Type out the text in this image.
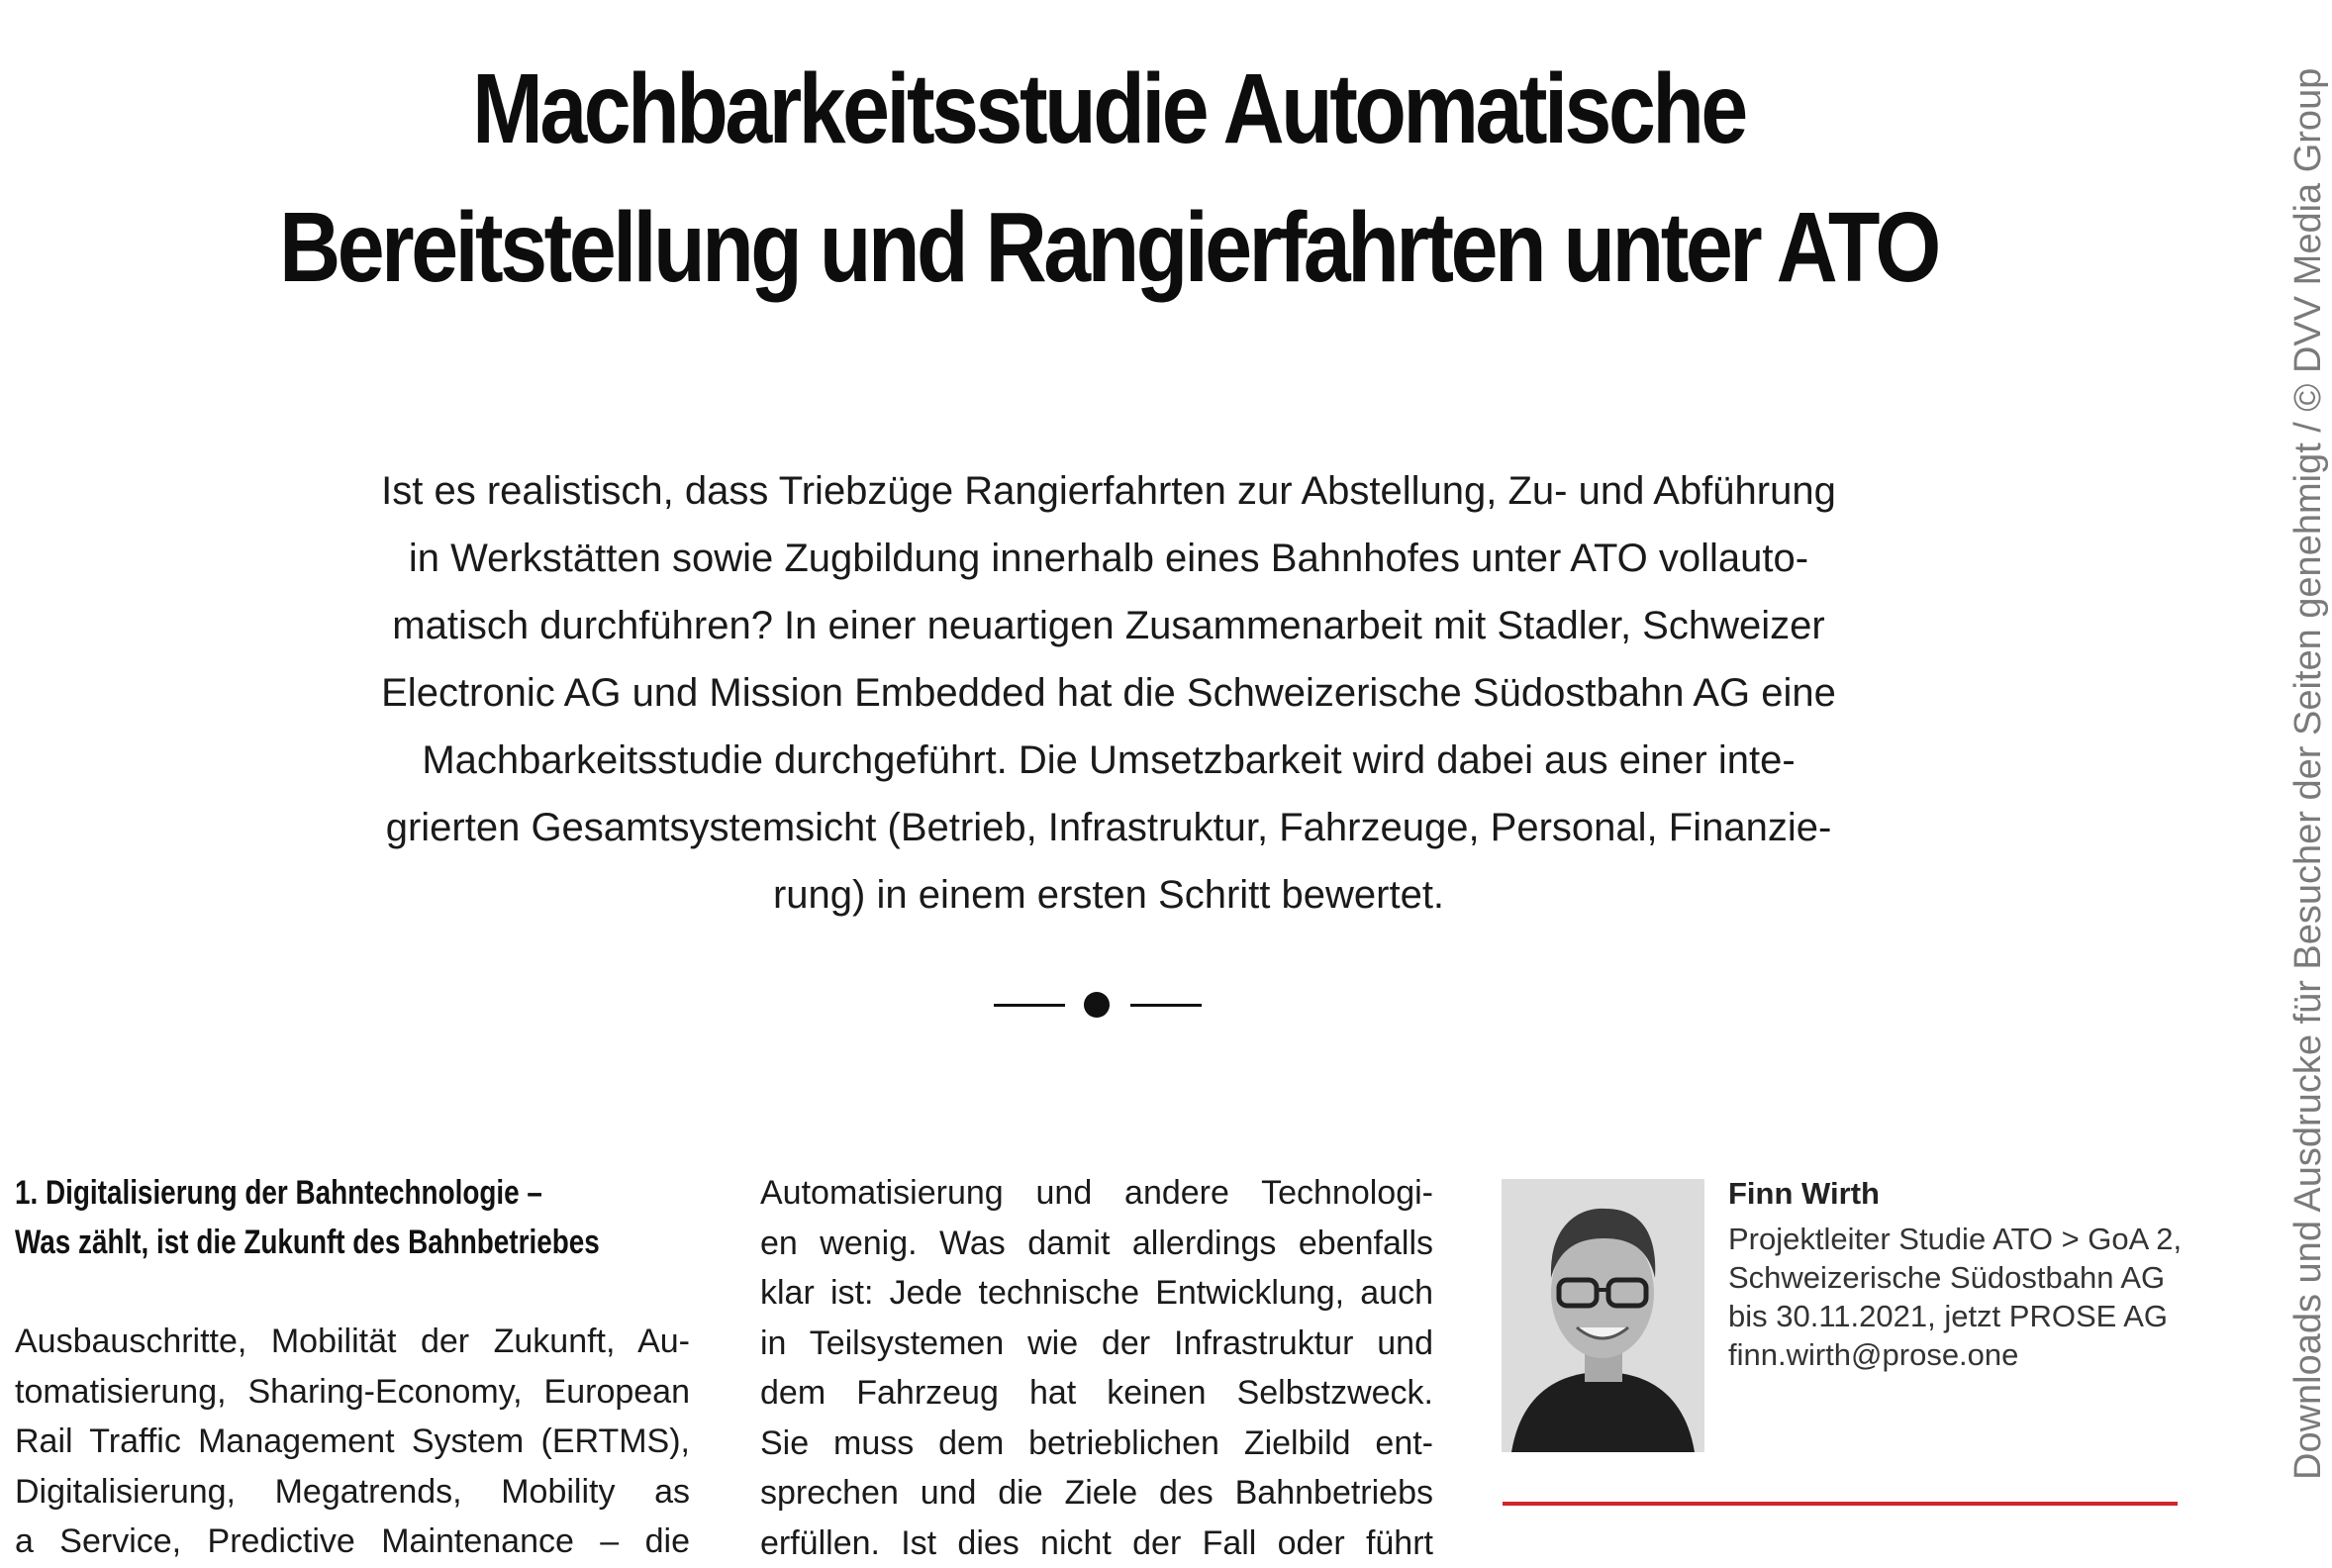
Machbarkeitsstudie Automatische
Bereitstellung und Rangierfahrten unter ATO
Ist es realistisch, dass Triebzüge Rangierfahrten zur Abstellung, Zu- und Abführung
in Werkstätten sowie Zugbildung innerhalb eines Bahnhofes unter ATO vollauto-
matisch durchführen? In einer neuartigen Zusammenarbeit mit Stadler, Schweizer
Electronic AG und Mission Embedded hat die Schweizerische Südostbahn AG eine
Machbarkeitsstudie durchgeführt. Die Umsetzbarkeit wird dabei aus einer inte-
grierten Gesamtsystemsicht (Betrieb, Infrastruktur, Fahrzeuge, Personal, Finanzie-
rung) in einem ersten Schritt bewertet.
1. Digitalisierung der Bahntechnologie –
Was zählt, ist die Zukunft des Bahnbetriebes
Ausbauschritte, Mobilität der Zukunft, Au-
tomatisierung, Sharing-Economy, European
Rail Traffic Management System (ERTMS),
Digitalisierung, Megatrends, Mobility as
a Service, Predictive Maintenance – die
Automatisierung und andere Technologi-
en wenig. Was damit allerdings ebenfalls
klar ist: Jede technische Entwicklung, auch
in Teilsystemen wie der Infrastruktur und
dem Fahrzeug hat keinen Selbstzweck.
Sie muss dem betrieblichen Zielbild ent-
sprechen und die Ziele des Bahnbetriebs
erfüllen. Ist dies nicht der Fall oder führt
Finn Wirth
Projektleiter Studie ATO > GoA 2,
Schweizerische Südostbahn AG
bis 30.11.2021, jetzt PROSE AG
finn.wirth@prose.one	Downloads und Ausdrucke für Besucher der Seiten genehmigt / © DVV Media Group
